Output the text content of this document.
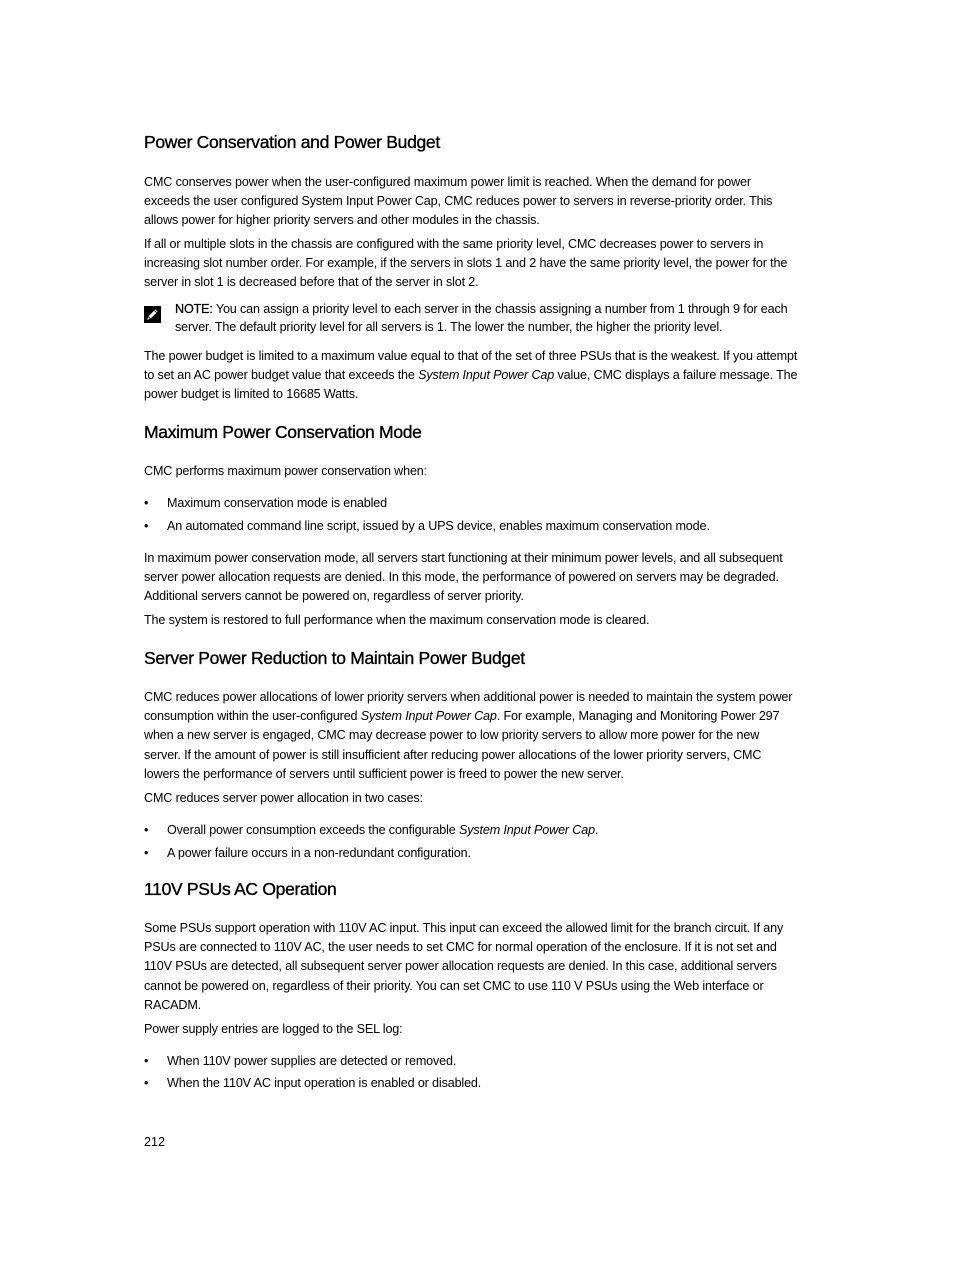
Power Conservation and Power Budget

CMC conserves power when the user-configured maximum power limit is reached. When the demand for power
exceeds the user configured System Input Power Cap, CMC reduces power to servers in reverse-priority order. This
allows power for higher priority servers and other modules in the chassis.

If all or multiple slots in the chassis are configured with the same priority level, CMC decreases power to servers in
increasing slot number order. For example, if the servers in slots 1 and 2 have the same priority level, the power for the
server in slot 1 is decreased before that of the server in slot 2.

NOTE: You can assign a priority level to each server in the chassis assigning a number from 1 through 9 for each
server. The default priority level for all servers is 1. The lower the number, the higher the priority level.

The power budget is limited to a maximum value equal to that of the set of three PSUs that is the weakest. If you attempt
to set an AC power budget value that exceeds the System Input Power Cap value, CMC displays a failure message. The
power budget is limited to 16685 Watts.

Maximum Power Conservation Mode

CMC performs maximum power conservation when:

• Maximum conservation mode is enabled
• An automated command line script, issued by a UPS device, enables maximum conservation mode.

In maximum power conservation mode, all servers start functioning at their minimum power levels, and all subsequent
server power allocation requests are denied. In this mode, the performance of powered on servers may be degraded.
Additional servers cannot be powered on, regardless of server priority.

The system is restored to full performance when the maximum conservation mode is cleared.

Server Power Reduction to Maintain Power Budget

CMC reduces power allocations of lower priority servers when additional power is needed to maintain the system power
consumption within the user-configured System Input Power Cap. For example, Managing and Monitoring Power 297
when a new server is engaged, CMC may decrease power to low priority servers to allow more power for the new
server. If the amount of power is still insufficient after reducing power allocations of the lower priority servers, CMC
lowers the performance of servers until sufficient power is freed to power the new server.

CMC reduces server power allocation in two cases:

• Overall power consumption exceeds the configurable System Input Power Cap.
• A power failure occurs in a non-redundant configuration.
110V PSUs AC Operation

Some PSUs support operation with 110V AC input. This input can exceed the allowed limit for the branch circuit. If any
PSUs are connected to 110V AC, the user needs to set CMC for normal operation of the enclosure. If it is not set and
110V PSUs are detected, all subsequent server power allocation requests are denied. In this case, additional servers
cannot be powered on, regardless of their priority. You can set CMC to use 110 V PSUs using the Web interface or
RACADM.

Power supply entries are logged to the SEL log:

• When 110V power supplies are detected or removed.
• When the 110V AC input operation is enabled or disabled.
212
